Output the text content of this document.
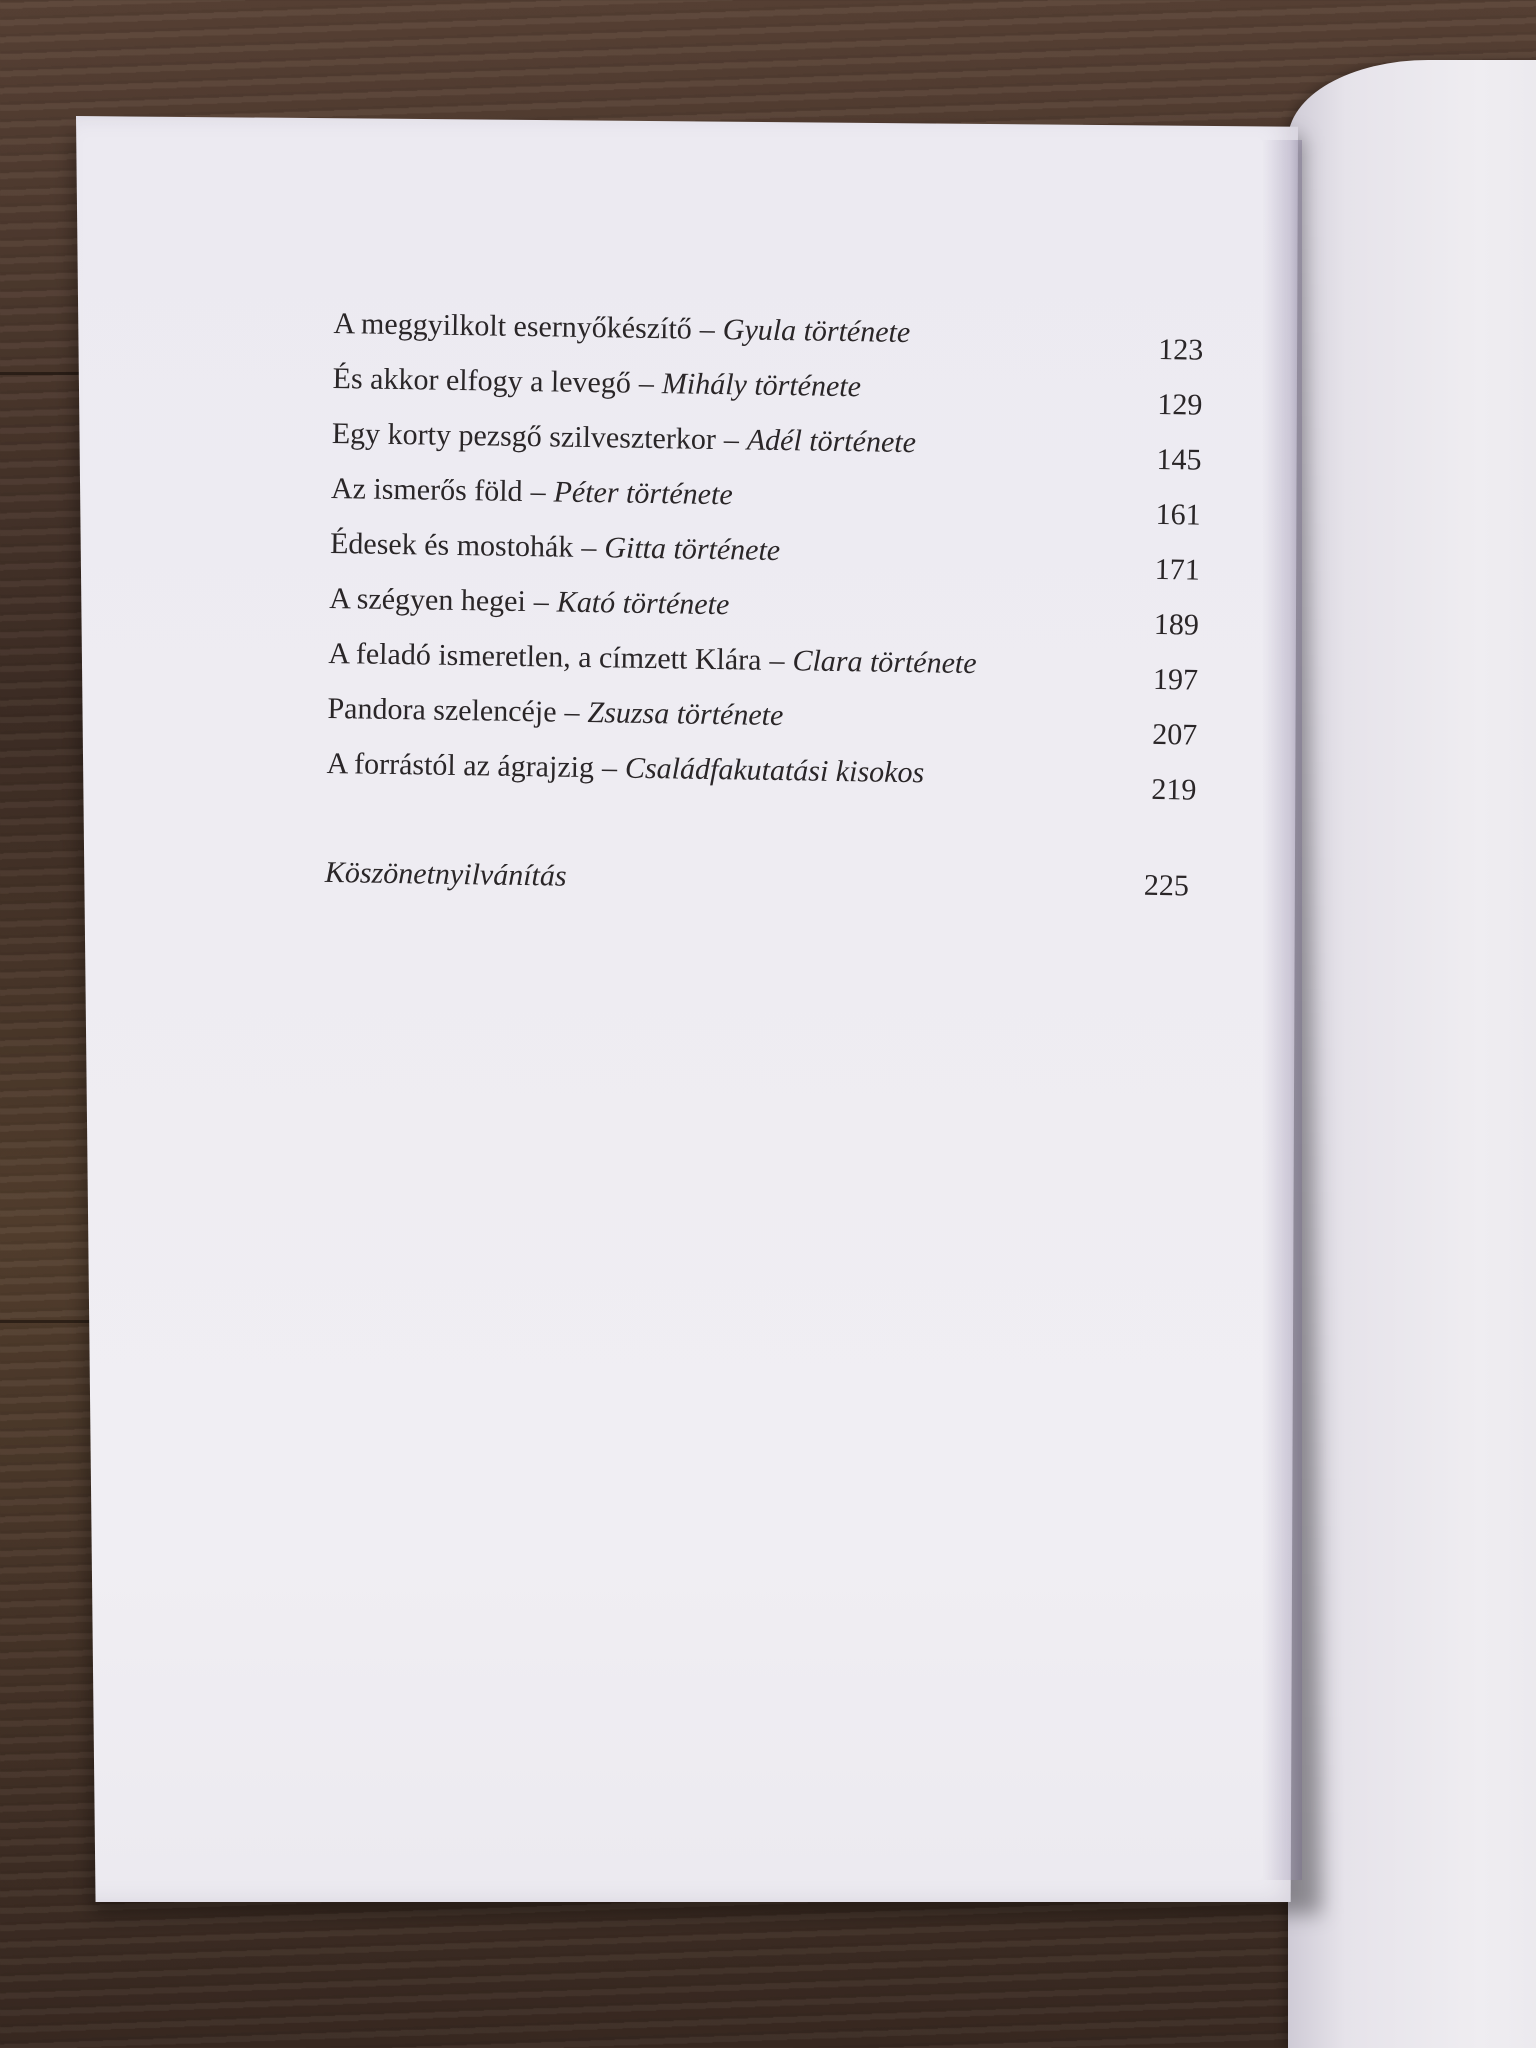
A meggyilkolt esernyőkészítő – Gyula története
123
És akkor elfogy a levegő – Mihály története
129
Egy korty pezsgő szilveszterkor – Adél története
145
Az ismerős föld – Péter története
161
Édesek és mostohák – Gitta története
171
A szégyen hegei – Kató története
189
A feladó ismeretlen, a címzett Klára – Clara története	197
Pandora szelencéje – Zsuzsa története
207
A forrástól az ágrajzig – Családfakutatási kisokos
219
Köszönetnyilvánítás	225
